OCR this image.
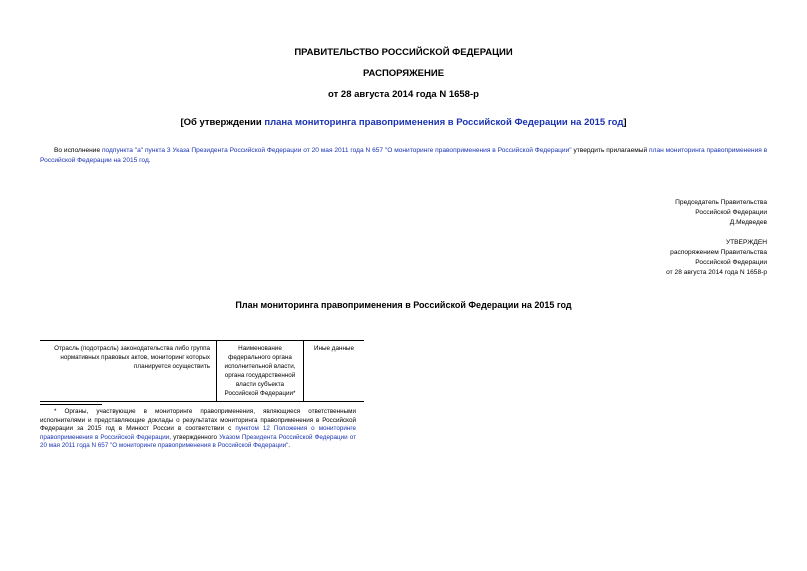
ПРАВИТЕЛЬСТВО РОССИЙСКОЙ ФЕДЕРАЦИИ
РАСПОРЯЖЕНИЕ
от 28 августа 2014 года N 1658-р
[Об утверждении плана мониторинга правоприменения в Российской Федерации на 2015 год]
Во исполнение подпункта "а" пункта 3 Указа Президента Российской Федерации от 20 мая 2011 года N 657 "О мониторинге правоприменения в Российской Федерации" утвердить прилагаемый план мониторинга правоприменения в Российской Федерации на 2015 год.
Председатель Правительства
Российской Федерации
Д.Медведев
УТВЕРЖДЕН
распоряжением Правительства
Российской Федерации
от 28 августа 2014 года N 1658-р
План мониторинга правоприменения в Российской Федерации на 2015 год
Отрасль (подотрасль) законодательства либо группа нормативных правовых актов, мониторинг которых планируется осуществить	Наименование федерального органа исполнительной власти, органа государственной власти субъекта Российской Федерации*	Иные данные
* Органы, участвующие в мониторинге правоприменения, являющиеся ответственными исполнителями и представляющие доклады о результатах мониторинга правоприменения в Российской Федерации за 2015 год в Минюст России в соответствии с пунктом 12 Положения о мониторинге правоприменения в Российской Федерации, утвержденного Указом Президента Российской Федерации от 20 мая 2011 года N 657 "О мониторинге правоприменения в Российской Федерации".
